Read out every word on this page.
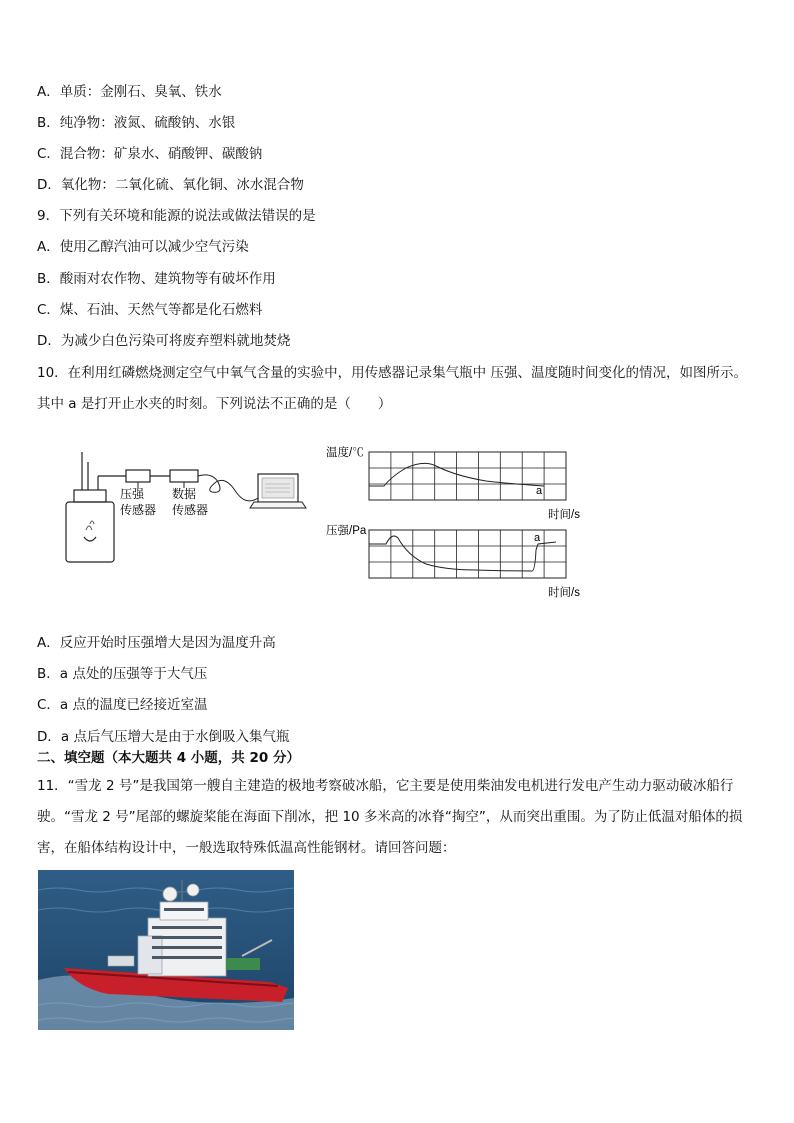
A．单质：金刚石、臭氧、铁水
B．纯净物：液氮、硫酸钠、水银
C．混合物：矿泉水、硝酸钾、碳酸钠
D．氧化物：二氧化硫、氧化铜、冰水混合物
9．下列有关环境和能源的说法或做法错误的是
A．使用乙醇汽油可以减少空气污染
B．酸雨对农作物、建筑物等有破坏作用
C．煤、石油、天然气等都是化石燃料
D．为减少白色污染可将废弃塑料就地焚烧
10．在利用红磷燃烧测定空气中氧气含量的实验中，用传感器记录集气瓶中 压强、温度随时间变化的情况，如图所示。其中 a 是打开止水夹的时刻。下列说法不正确的是（　　）
压强
传感器
数据
传感器
温度/℃
a
时间/s
压强/Pa
a
时间/s
A．反应开始时压强增大是因为温度升高
B．a 点处的压强等于大气压
C．a 点的温度已经接近室温
D．a 点后气压增大是由于水倒吸入集气瓶
二、填空题（本大题共 4 小题，共 20 分）
11．“雪龙 2 号”是我国第一艘自主建造的极地考察破冰船，它主要是使用柴油发电机进行发电产生动力驱动破冰船行驶。“雪龙 2 号”尾部的螺旋桨能在海面下削冰，把 10 多米高的冰脊“掏空”，从而突出重围。为了防止低温对船体的损害，在船体结构设计中，一般选取特殊低温高性能钢材。请回答问题：
